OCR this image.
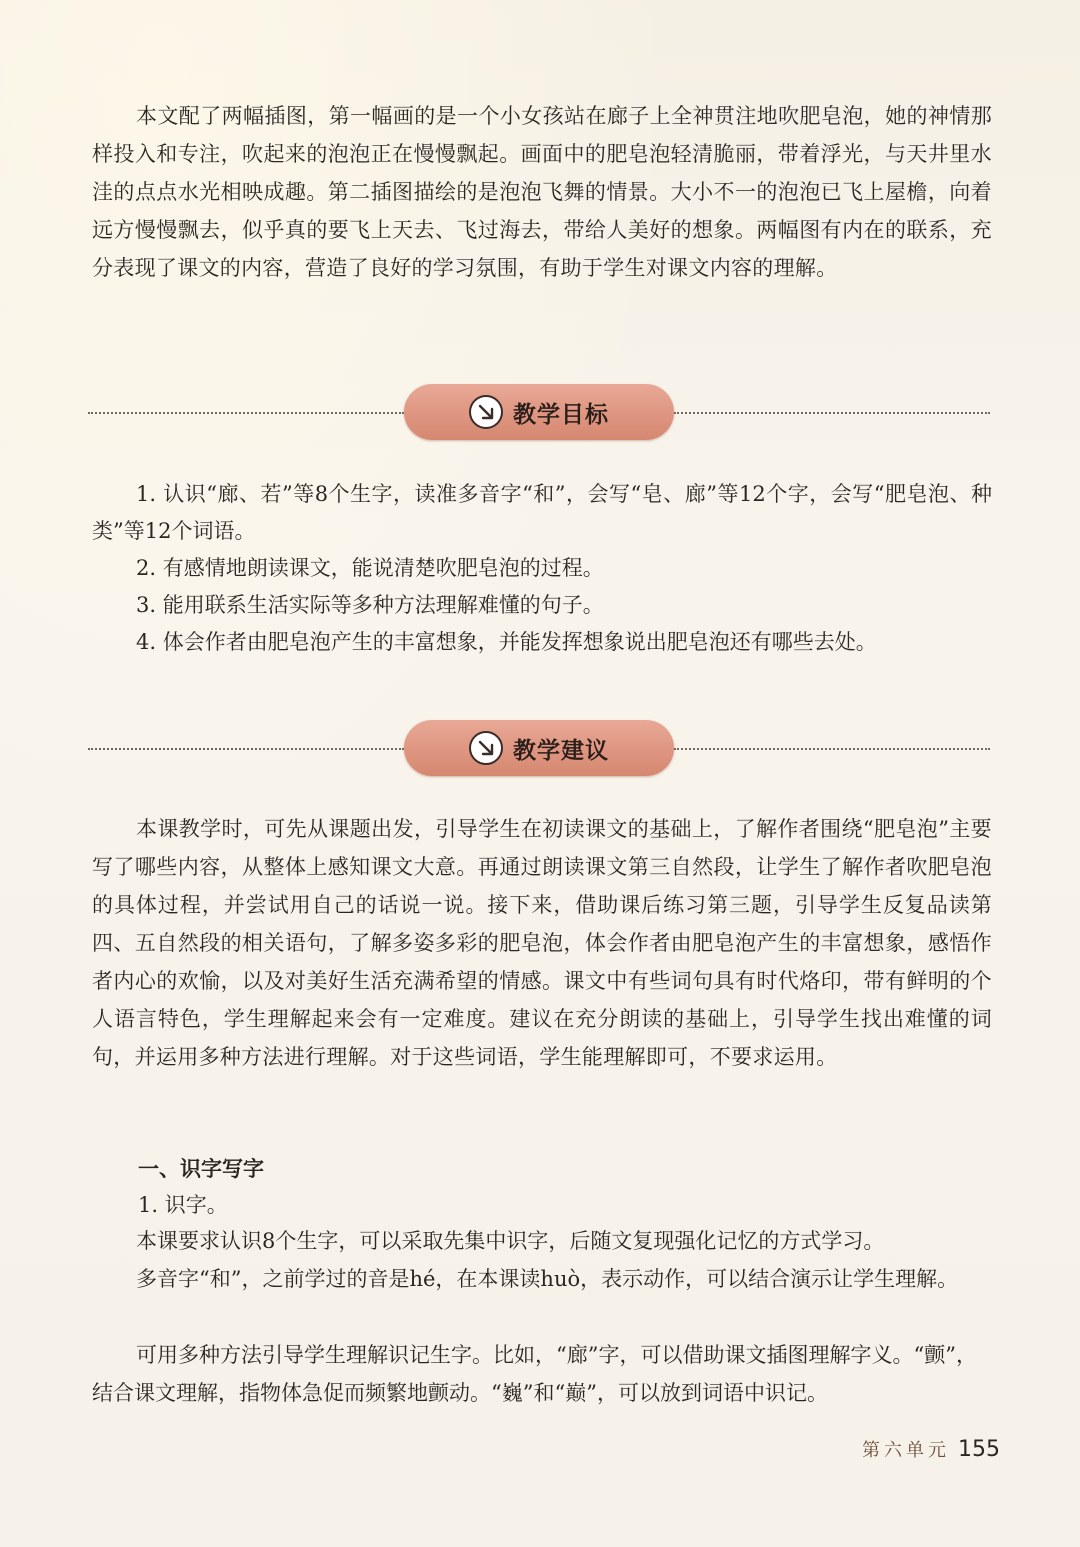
本文配了两幅插图，第一幅画的是一个小女孩站在廊子上全神贯注地吹肥皂泡，她的神情那样投入和专注，吹起来的泡泡正在慢慢飘起。画面中的肥皂泡轻清脆丽，带着浮光，与天井里水洼的点点水光相映成趣。第二插图描绘的是泡泡飞舞的情景。大小不一的泡泡已飞上屋檐，向着远方慢慢飘去，似乎真的要飞上天去、飞过海去，带给人美好的想象。两幅图有内在的联系，充分表现了课文的内容，营造了良好的学习氛围，有助于学生对课文内容的理解。

教学目标
1. 认识“廊、若”等8个生字，读准多音字“和”，会写“皂、廊”等12个字，会写“肥皂泡、种类”等12个词语。
2. 有感情地朗读课文，能说清楚吹肥皂泡的过程。
3. 能用联系生活实际等多种方法理解难懂的句子。
4. 体会作者由肥皂泡产生的丰富想象，并能发挥想象说出肥皂泡还有哪些去处。
教学建议

本课教学时，可先从课题出发，引导学生在初读课文的基础上，了解作者围绕“肥皂泡”主要写了哪些内容，从整体上感知课文大意。再通过朗读课文第三自然段，让学生了解作者吹肥皂泡的具体过程，并尝试用自己的话说一说。接下来，借助课后练习第三题，引导学生反复品读第四、五自然段的相关语句，了解多姿多彩的肥皂泡，体会作者由肥皂泡产生的丰富想象，感悟作者内心的欢愉，以及对美好生活充满希望的情感。课文中有些词句具有时代烙印，带有鲜明的个人语言特色，学生理解起来会有一定难度。建议在充分朗读的基础上，引导学生找出难懂的词句，并运用多种方法进行理解。对于这些词语，学生能理解即可，不要求运用。

一、识字写字

1. 识字。

本课要求认识8个生字，可以采取先集中识字，后随文复现强化记忆的方式学习。

多音字“和”，之前学过的音是hé，在本课读huò，表示动作，可以结合演示让学生理解。

可用多种方法引导学生理解识记生字。比如，“廊”字，可以借助课文插图理解字义。“颤”，结合课文理解，指物体急促而频繁地颤动。“巍”和“巅”，可以放到词语中识记。

第六单元 155
